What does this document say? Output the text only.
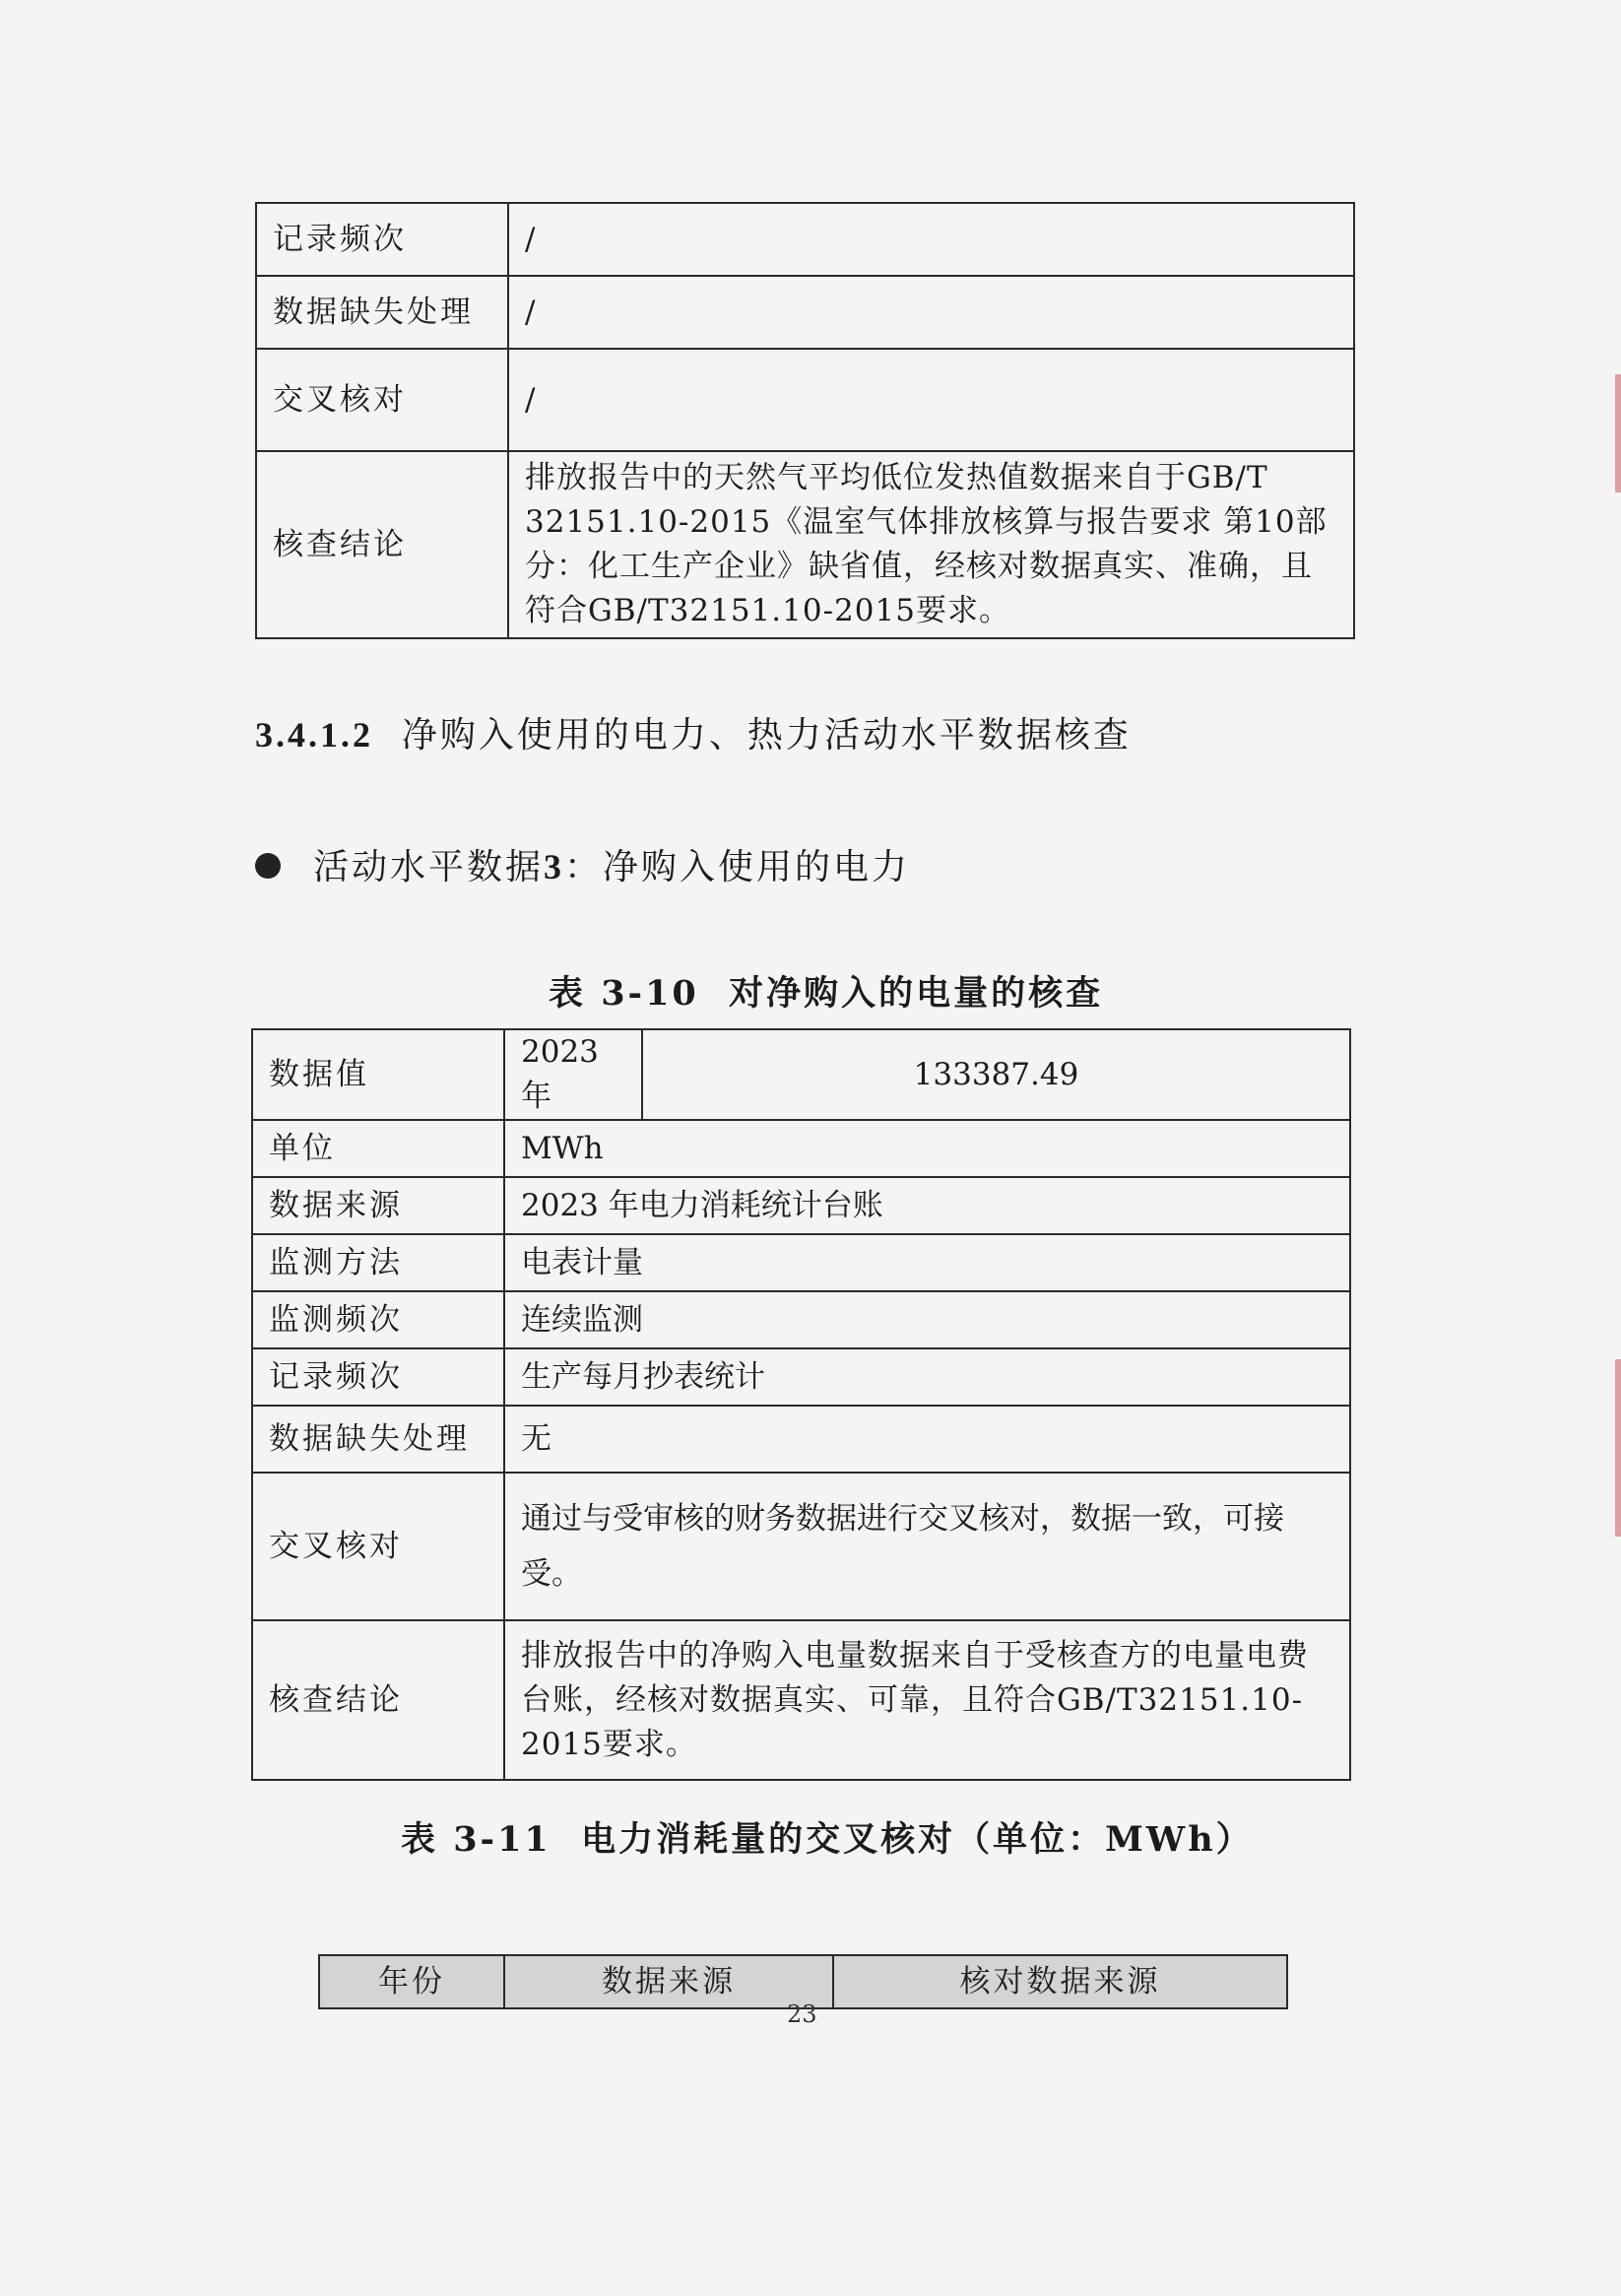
记录频次	/
数据缺失处理	/
交叉核对	/
核查结论	排放报告中的天然气平均低位发热值数据来自于GB/T 32151.10-2015《温室气体排放核算与报告要求 第10部分：化工生产企业》缺省值，经核对数据真实、准确，且符合GB/T32151.10-2015要求。
3.4.1.2 净购入使用的电力、热力活动水平数据核查
活动水平数据3：净购入使用的电力
表 3-10 对净购入的电量的核查
数据值	2023 年	133387.49
单位	MWh	
数据来源	2023 年电力消耗统计台账	
监测方法	电表计量	
监测频次	连续监测	
记录频次	生产每月抄表统计	
数据缺失处理	无	
交叉核对	通过与受审核的财务数据进行交叉核对，数据一致，可接受。	
核查结论	排放报告中的净购入电量数据来自于受核查方的电量电费台账，经核对数据真实、可靠，且符合GB/T32151.10-2015要求。	
表 3-11 电力消耗量的交叉核对（单位：MWh）
年份	数据来源	核对数据来源
23
